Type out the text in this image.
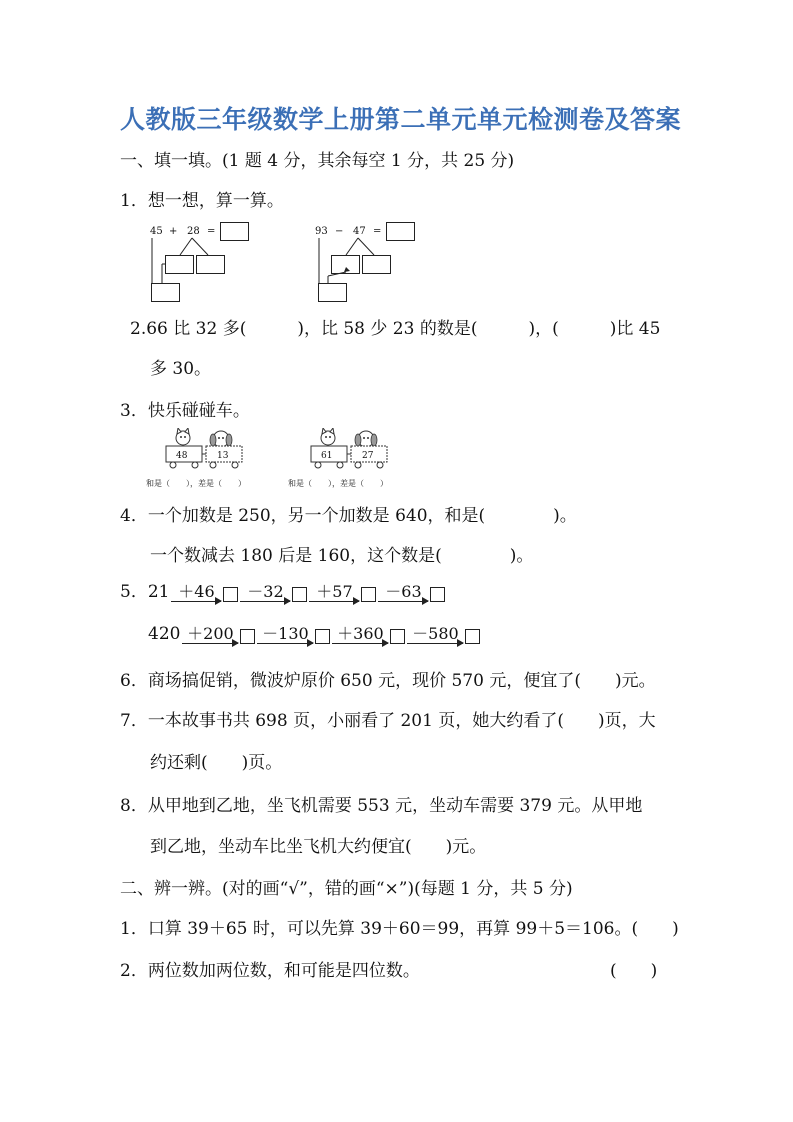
人教版三年级数学上册第二单元单元检测卷及答案
一、填一填。(1 题 4 分，其余每空 1 分，共 25 分)
1．想一想，算一算。
45 + 28 =	93 − 47 =
2.66 比 32 多(　　　)，比 58 少 23 的数是(　　　)，(　　　)比 45
多 30。
3．快乐碰碰车。
48	13
和是（　　），差是（　　）
61	27
和是（　　），差是（　　）
4．一个加数是 250，另一个加数是 640，和是(　　　　)。
一个数减去 180 后是 160，这个数是(　　　　)。
5． 21 ＋46	－32	＋57	－63
420 ＋200 －130 ＋360 －580
6．商场搞促销，微波炉原价 650 元，现价 570 元，便宜了(　　)元。
7．一本故事书共 698 页，小丽看了 201 页，她大约看了(　　)页，大
约还剩(　　)页。
8．从甲地到乙地，坐飞机需要 553 元，坐动车需要 379 元。从甲地
到乙地，坐动车比坐飞机大约便宜(　　)元。
二、辨一辨。(对的画“√”，错的画“×”)(每题 1 分，共 5 分)
1．口算 39＋65 时，可以先算 39＋60＝99，再算 99＋5＝106。(　　)
2．两位数加两位数，和可能是四位数。	(　　)
